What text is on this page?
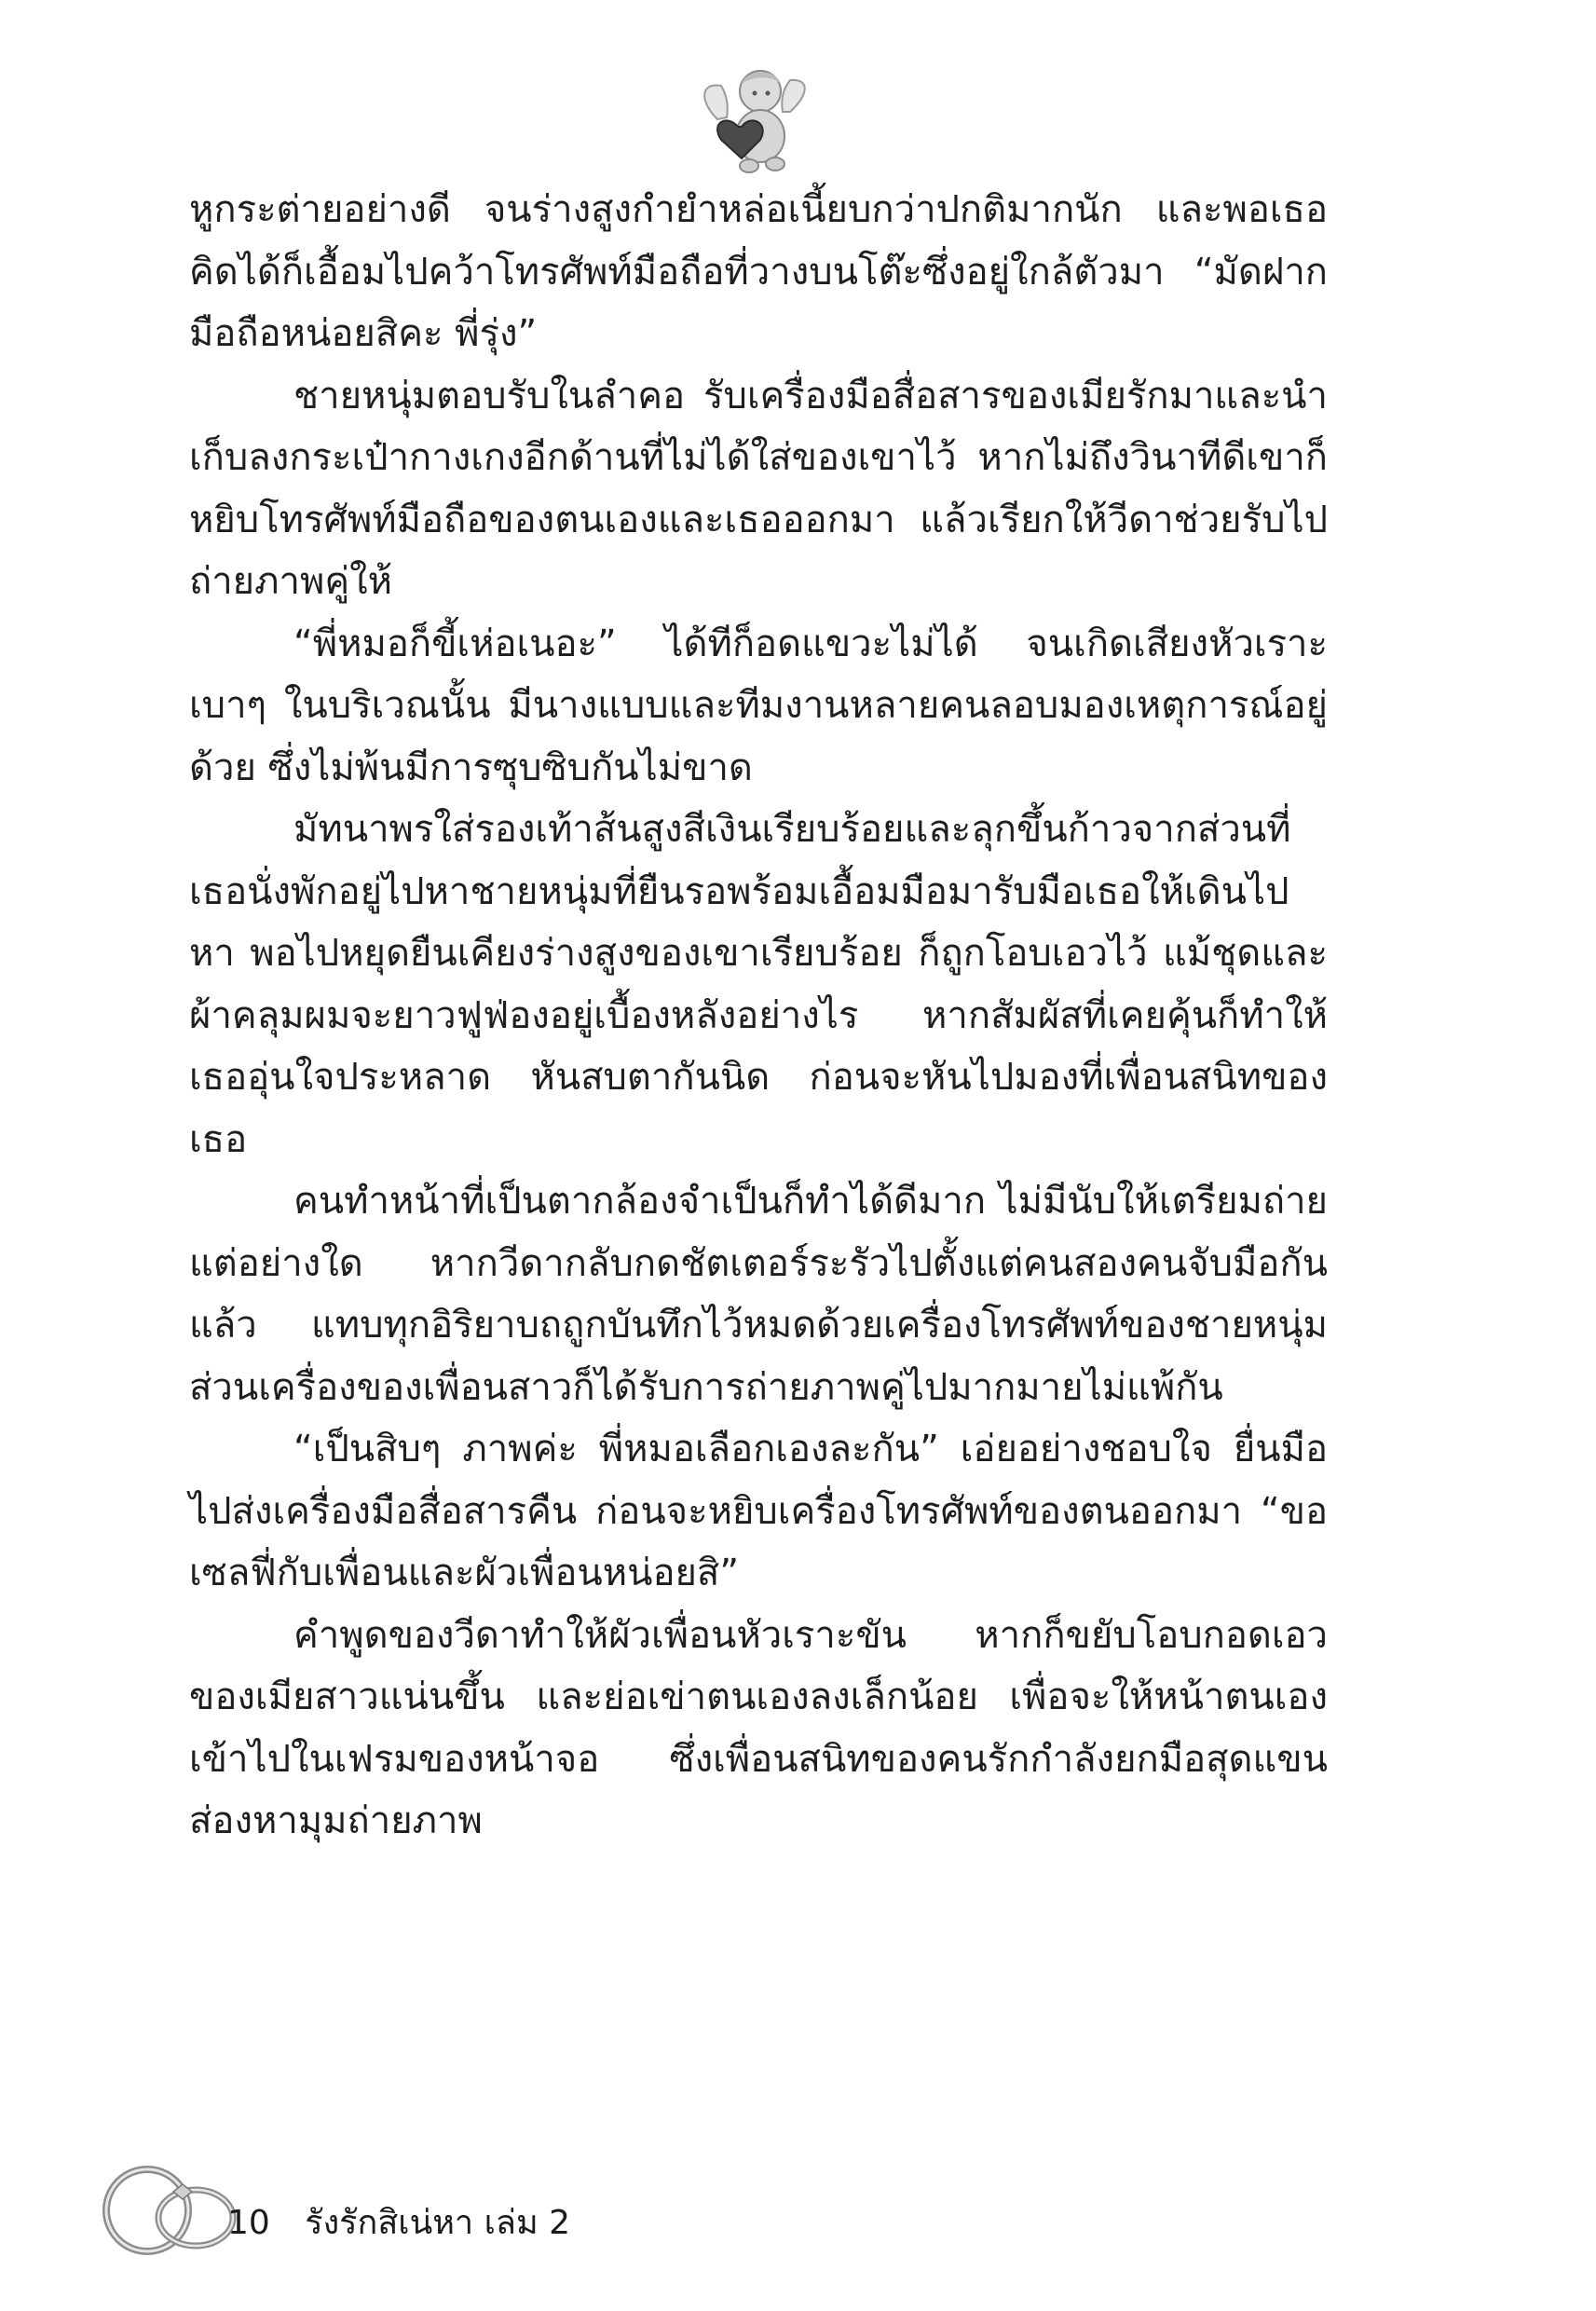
หูกระต่ายอย่างดี จนร่างสูงกำยำหล่อเนี้ยบกว่าปกติมากนัก และพอเธอคิดได้ก็เอื้อมไปคว้าโทรศัพท์มือถือที่วางบนโต๊ะซึ่งอยู่ใกล้ตัวมา “มัดฝากมือถือหน่อยสิคะ พี่รุ่ง”

ชายหนุ่มตอบรับในลำคอ รับเครื่องมือสื่อสารของเมียรักมาและนำเก็บลงกระเป๋ากางเกงอีกด้านที่ไม่ได้ใส่ของเขาไว้ หากไม่ถึงวินาทีดีเขาก็หยิบโทรศัพท์มือถือของตนเองและเธอออกมา แล้วเรียกให้วีดาช่วยรับไปถ่ายภาพคู่ให้

“พี่หมอก็ขี้เห่อเนอะ” ได้ทีก็อดแขวะไม่ได้ จนเกิดเสียงหัวเราะเบาๆ ในบริเวณนั้น มีนางแบบและทีมงานหลายคนลอบมองเหตุการณ์อยู่ด้วย ซึ่งไม่พ้นมีการซุบซิบกันไม่ขาด

มัทนาพรใส่รองเท้าส้นสูงสีเงินเรียบร้อยและลุกขึ้นก้าวจากส่วนที่เธอนั่งพักอยู่ไปหาชายหนุ่มที่ยืนรอพร้อมเอื้อมมือมารับมือเธอให้เดินไปหา พอไปหยุดยืนเคียงร่างสูงของเขาเรียบร้อย ก็ถูกโอบเอวไว้ แม้ชุดและผ้าคลุมผมจะยาวฟูฟ่องอยู่เบื้องหลังอย่างไร หากสัมผัสที่เคยคุ้นก็ทำให้เธออุ่นใจประหลาด หันสบตากันนิด ก่อนจะหันไปมองที่เพื่อนสนิทของเธอ

คนทำหน้าที่เป็นตากล้องจำเป็นก็ทำได้ดีมาก ไม่มีนับให้เตรียมถ่ายแต่อย่างใด หากวีดากลับกดชัตเตอร์ระรัวไปตั้งแต่คนสองคนจับมือกันแล้ว แทบทุกอิริยาบถถูกบันทึกไว้หมดด้วยเครื่องโทรศัพท์ของชายหนุ่ม ส่วนเครื่องของเพื่อนสาวก็ได้รับการถ่ายภาพคู่ไปมากมายไม่แพ้กัน

“เป็นสิบๆ ภาพค่ะ พี่หมอเลือกเองละกัน” เอ่ยอย่างชอบใจ ยื่นมือไปส่งเครื่องมือสื่อสารคืน ก่อนจะหยิบเครื่องโทรศัพท์ของตนออกมา “ขอเซลฟี่กับเพื่อนและผัวเพื่อนหน่อยสิ”

คำพูดของวีดาทำให้ผัวเพื่อนหัวเราะขัน หากก็ขยับโอบกอดเอวของเมียสาวแน่นขึ้น และย่อเข่าตนเองลงเล็กน้อย เพื่อจะให้หน้าตนเองเข้าไปในเฟรมของหน้าจอ ซึ่งเพื่อนสนิทของคนรักกำลังยกมือสุดแขนส่องหามุมถ่ายภาพ

10 รังรักสิเน่หา เล่ม 2
